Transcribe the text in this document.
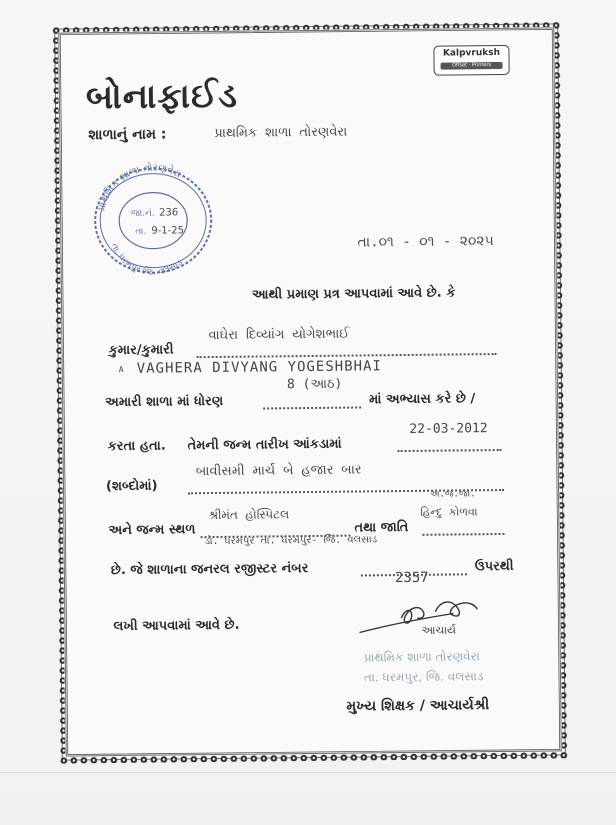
Kalpvruksh
Offset · Printers
બોનાફાઈડ
શાળાનું નામ :	પ્રાથમિક શાળા તોરણવેરા
પ્રાથમિક શાળા તોરણવેરા
તા. ધરમપુર જિ. વલસાડ
જા.નં. 236
તા. 9-1-25
તા.૦૧ - ૦૧ - ૨૦૨૫
આથી પ્રમાણ પ્રત્ર આપવામાં આવે છે. કે
કુમાર/કુમારી
વાઘેરા દિવ્યાંગ યોગેશભાઈ
A VAGHERA DIVYANG YOGESHBHAI
અમારી શાળા માં ધોરણ
8 (આઠ)
માં અભ્યાસ કરે છે /
કરતા હતા. તેમની જન્મ તારીખ આંકડામાં
22-03-2012
(શબ્દોમાં)
બાવીસમી માર્ચ બે હજાર બાર
અને જન્મ સ્થળ
શ્રીમંત હોસ્પિટલ
તથા જાતિ
હિન્દુ કોળવા
અ.જ.જા.
ડો. ધરમપુર તા. ધરમપુર- જિ. વલસાડ
છે. જે શાળાના જનરલ રજીસ્ટર નંબર	2357
ઉપરથી
લખી આપવામાં આવે છે.	આચાર્ય
પ્રાથમિક શાળા તોરણવેરા
તા. ધરમપુર, જિ. વલસાડ
મુખ્ય શિક્ષક / આચાર્યશ્રી
